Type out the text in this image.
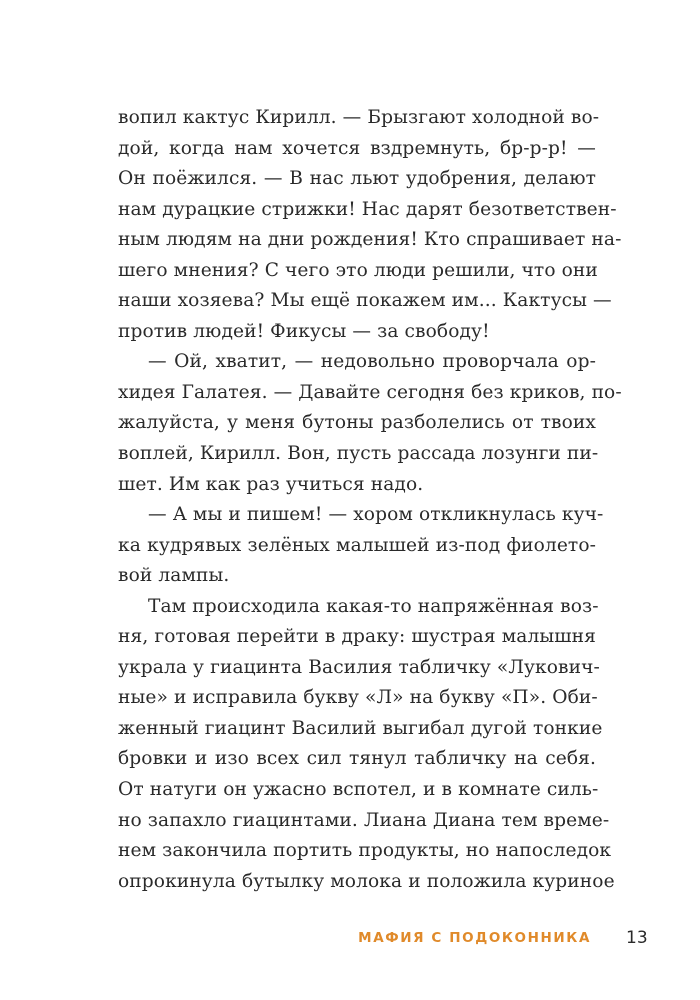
вопил кактус Кирилл. — Брызгают холодной во-
дой, когда нам хочется вздремнуть, бр-р-р! —
Он поёжился. — В нас льют удобрения, делают
нам дурацкие стрижки! Нас дарят безответствен-
ным людям на дни рождения! Кто спрашивает на-
шего мнения? С чего это люди решили, что они
наши хозяева? Мы ещё покажем им... Кактусы —
против людей! Фикусы — за свободу!
— Ой, хватит, — недовольно проворчала ор-
хидея Галатея. — Давайте сегодня без криков, по-
жалуйста, у меня бутоны разболелись от твоих
воплей, Кирилл. Вон, пусть рассада лозунги пи-
шет. Им как раз учиться надо.
— А мы и пишем! — хором откликнулась куч-
ка кудрявых зелёных малышей из-под фиолето-
вой лампы.
Там происходила какая-то напряжённая воз-
ня, готовая перейти в драку: шустрая малышня
украла у гиацинта Василия табличку «Лукович-
ные» и исправила букву «Л» на букву «П». Оби-
женный гиацинт Василий выгибал дугой тонкие
бровки и изо всех сил тянул табличку на себя.
От натуги он ужасно вспотел, и в комнате силь-
но запахло гиацинтами. Лиана Диана тем време-
нем закончила портить продукты, но напоследок
опрокинула бутылку молока и положила куриное
МАФИЯ С ПОДОКОННИКА 13
